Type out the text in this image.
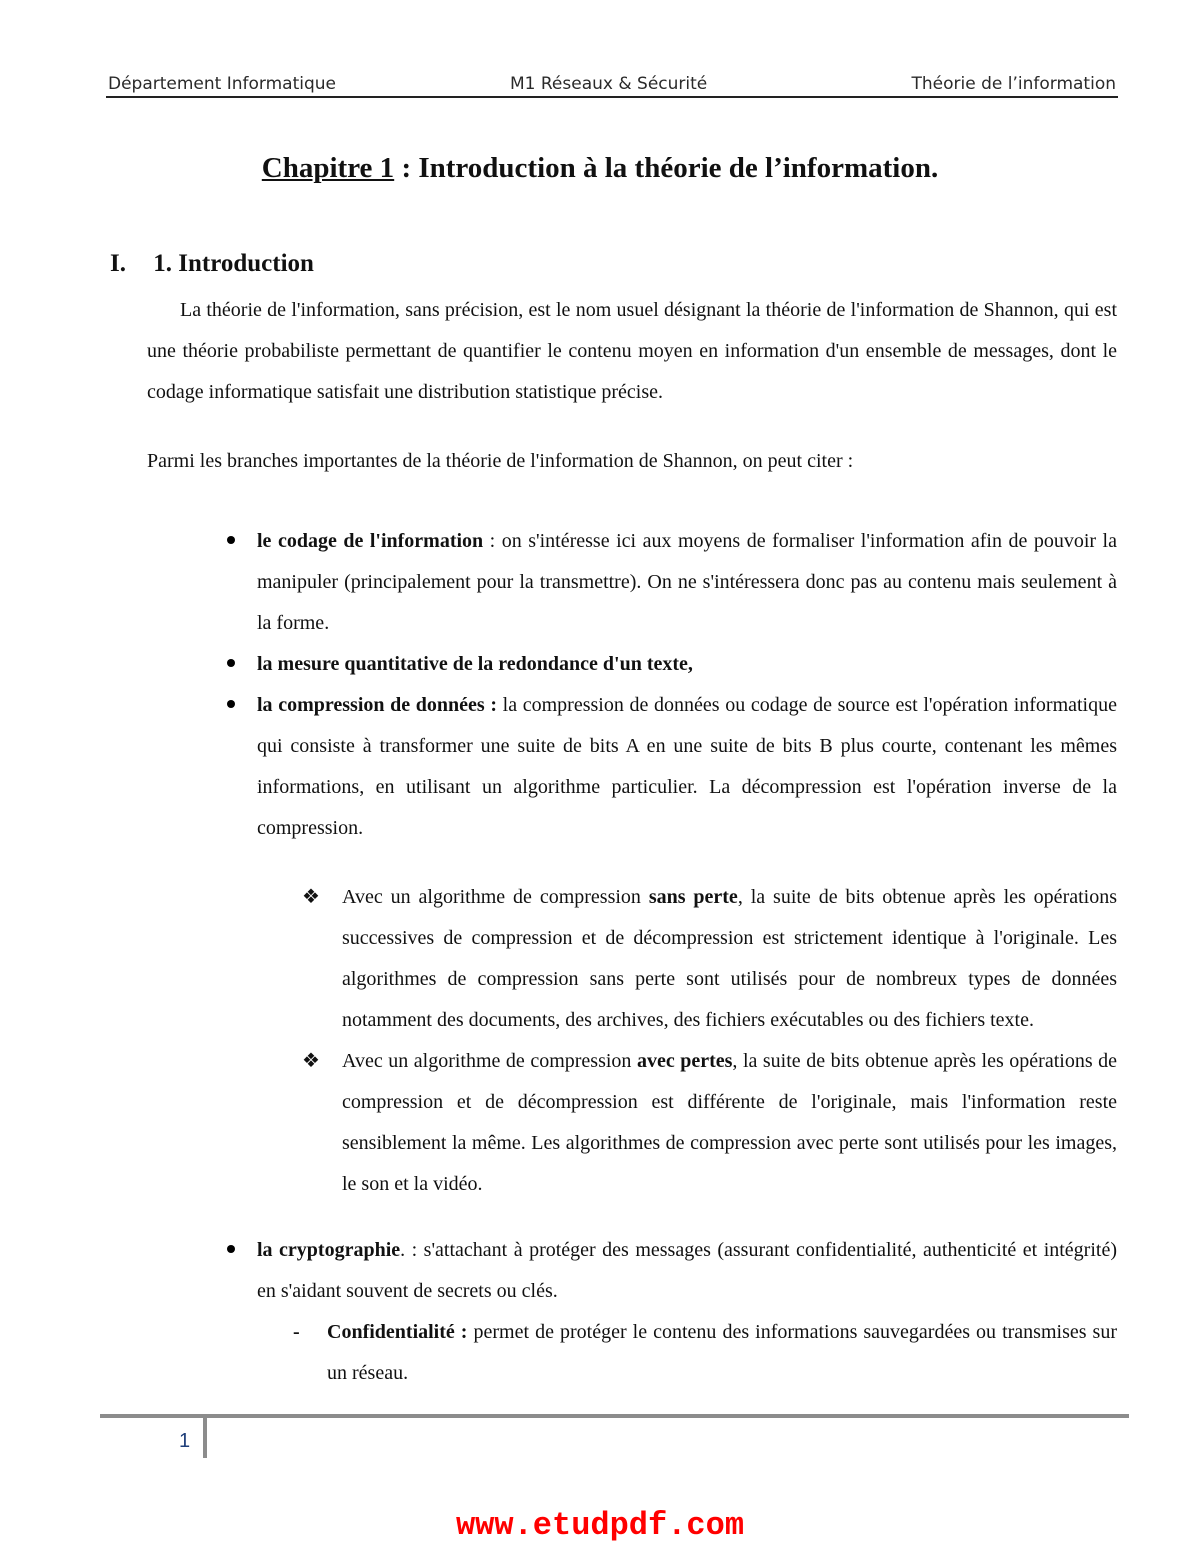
Département Informatique	M1 Réseaux & Sécurité	Théorie de l’information
Chapitre 1 : Introduction à la théorie de l’information.
I. 1. Introduction

La théorie de l'information, sans précision, est le nom usuel désignant la théorie de l'information de Shannon, qui est une théorie probabiliste permettant de quantifier le contenu moyen en information d'un ensemble de messages, dont le codage informatique satisfait une distribution statistique précise.

Parmi les branches importantes de la théorie de l'information de Shannon, on peut citer :

le codage de l'information : on s'intéresse ici aux moyens de formaliser l'information afin de pouvoir la manipuler (principalement pour la transmettre). On ne s'intéressera donc pas au contenu mais seulement à la forme.
la mesure quantitative de la redondance d'un texte,
la compression de données : la compression de données ou codage de source est l'opération informatique qui consiste à transformer une suite de bits A en une suite de bits B plus courte, contenant les mêmes informations, en utilisant un algorithme particulier. La décompression est l'opération inverse de la compression.
❖ Avec un algorithme de compression sans perte, la suite de bits obtenue après les opérations successives de compression et de décompression est strictement identique à l'originale. Les algorithmes de compression sans perte sont utilisés pour de nombreux types de données notamment des documents, des archives, des fichiers exécutables ou des fichiers texte.
❖ Avec un algorithme de compression avec pertes, la suite de bits obtenue après les opérations de compression et de décompression est différente de l'originale, mais l'information reste sensiblement la même. Les algorithmes de compression avec perte sont utilisés pour les images, le son et la vidéo.
la cryptographie. : s'attachant à protéger des messages (assurant confidentialité, authenticité et intégrité) en s'aidant souvent de secrets ou clés.
- Confidentialité : permet de protéger le contenu des informations sauvegardées ou transmises sur un réseau.
1
www.etudpdf.com
